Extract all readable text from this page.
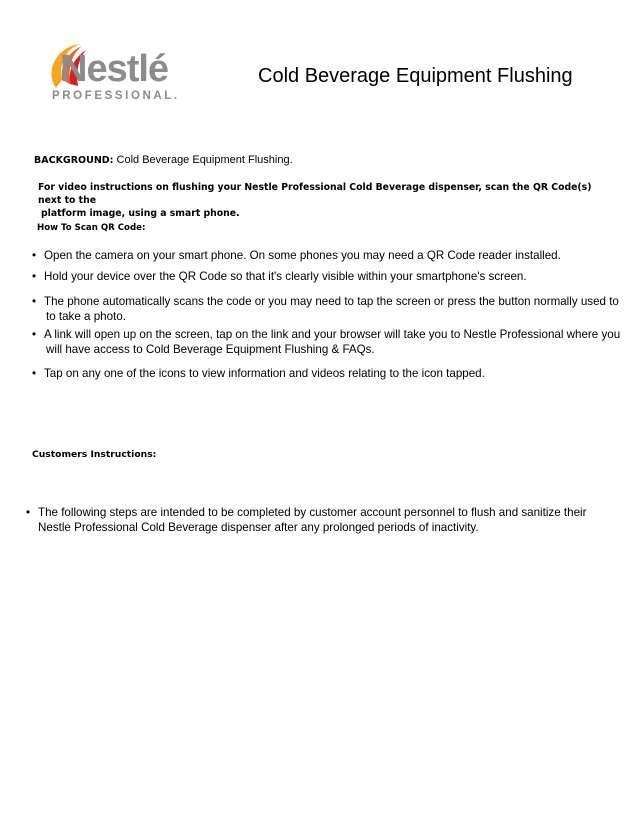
Nestlé
PROFESSIONAL.
Cold Beverage Equipment Flushing
BACKGROUND: Cold Beverage Equipment Flushing.
For video instructions on flushing your Nestle Professional Cold Beverage dispenser, scan the QR Code(s) next to the
platform image, using a smart phone.
How To Scan QR Code:
• Open the camera on your smart phone. On some phones you may need a QR Code reader installed.
• Hold your device over the QR Code so that it's clearly visible within your smartphone's screen.
• The phone automatically scans the code or you may need to tap the screen or press the button normally used to
to take a photo.
• A link will open up on the screen, tap on the link and your browser will take you to Nestle Professional where you
will have access to Cold Beverage Equipment Flushing & FAQs.
• Tap on any one of the icons to view information and videos relating to the icon tapped.
Customers Instructions:
• The following steps are intended to be completed by customer account personnel to flush and sanitize their
Nestle Professional Cold Beverage dispenser after any prolonged periods of inactivity.
